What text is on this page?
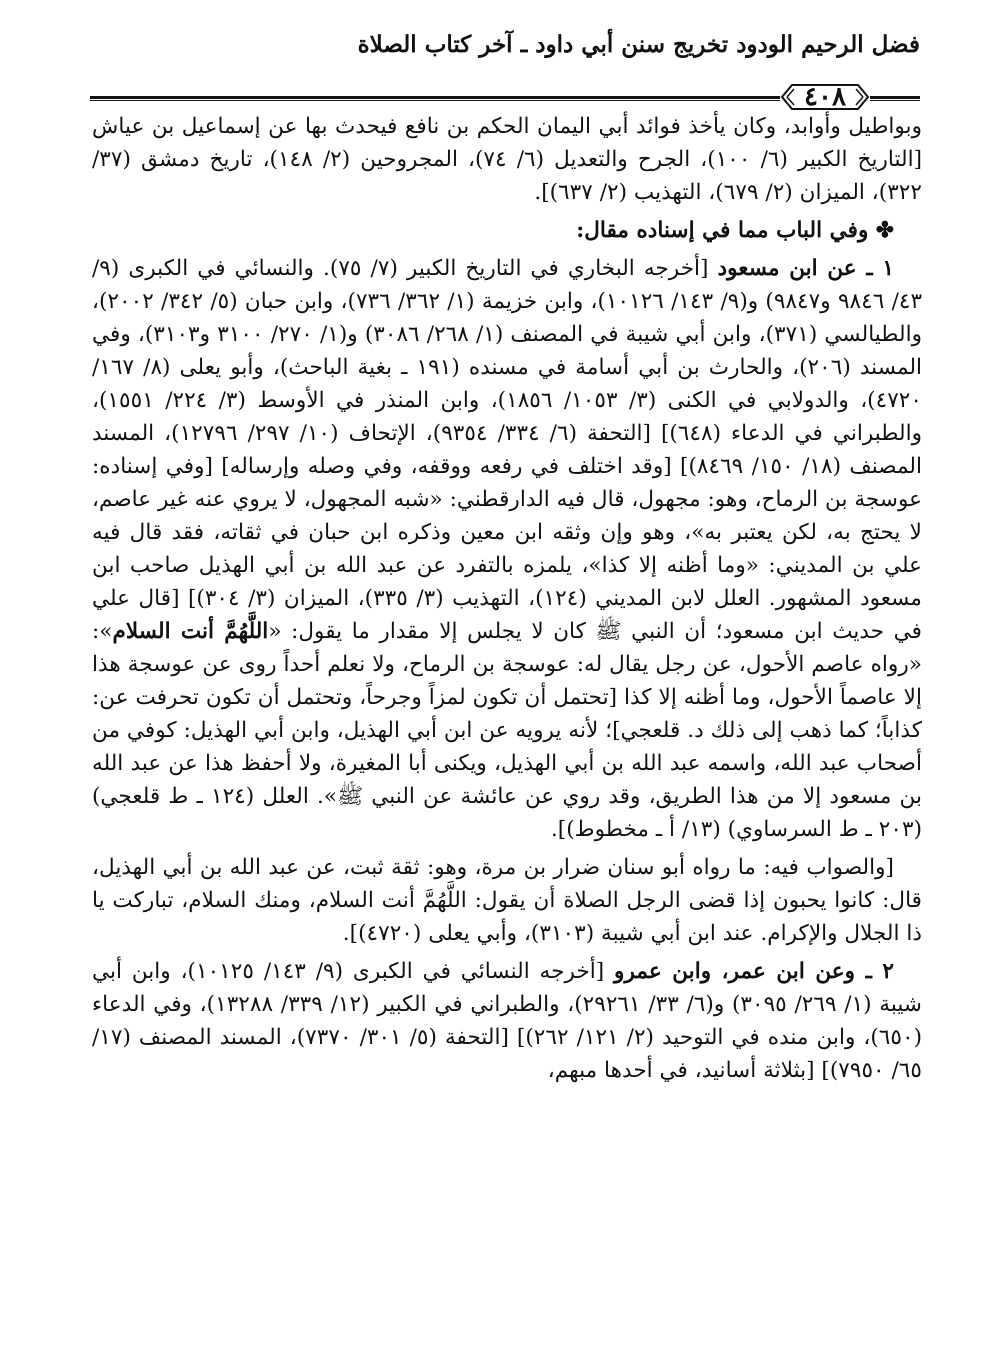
فضل الرحيم الودود تخريج سنن أبي داود ـ آخر كتاب الصلاة
٤٠٨

وبواطيل وأوابد، وكان يأخذ فوائد أبي اليمان الحكم بن نافع فيحدث بها عن إسماعيل بن عياش [التاريخ الكبير (٦/ ١٠٠)، الجرح والتعديل (٦/ ٧٤)، المجروحين (٢/ ١٤٨)، تاريخ دمشق (٣٧/ ٣٢٢)، الميزان (٢/ ٦٧٩)، التهذيب (٢/ ٦٣٧)].

✤ وفي الباب مما في إسناده مقال:

١ ـ عن ابن مسعود [أخرجه البخاري في التاريخ الكبير (٧/ ٧٥). والنسائي في الكبرى (٩/ ٤٣/ ٩٨٤٦ و٩٨٤٧) و(٩/ ١٤٣/ ١٠١٢٦)، وابن خزيمة (١/ ٣٦٢/ ٧٣٦)، وابن حبان (٥/ ٣٤٢/ ٢٠٠٢)، والطيالسي (٣٧١)، وابن أبي شيبة في المصنف (١/ ٢٦٨/ ٣٠٨٦) و(١/ ٢٧٠/ ٣١٠٠ و٣١٠٣)، وفي المسند (٢٠٦)، والحارث بن أبي أسامة في مسنده (١٩١ ـ بغية الباحث)، وأبو يعلى (٨/ ١٦٧/ ٤٧٢٠)، والدولابي في الكنى (٣/ ١٠٥٣/ ١٨٥٦)، وابن المنذر في الأوسط (٣/ ٢٢٤/ ١٥٥١)، والطبراني في الدعاء (٦٤٨)] [التحفة (٦/ ٣٣٤/ ٩٣٥٤)، الإتحاف (١٠/ ٢٩٧/ ١٢٧٩٦)، المسند المصنف (١٨/ ١٥٠/ ٨٤٦٩)] [وقد اختلف في رفعه ووقفه، وفي وصله وإرساله] [وفي إسناده: عوسجة بن الرماح، وهو: مجهول، قال فيه الدارقطني: «شبه المجهول، لا يروي عنه غير عاصم، لا يحتج به، لكن يعتبر به»، وهو وإن وثقه ابن معين وذكره ابن حبان في ثقاته، فقد قال فيه علي بن المديني: «وما أظنه إلا كذا»، يلمزه بالتفرد عن عبد الله بن أبي الهذيل صاحب ابن مسعود المشهور. العلل لابن المديني (١٢٤)، التهذيب (٣/ ٣٣٥)، الميزان (٣/ ٣٠٤)] [قال علي في حديث ابن مسعود؛ أن النبي ﷺ كان لا يجلس إلا مقدار ما يقول: «اللَّهُمَّ أنت السلام»: «رواه عاصم الأحول، عن رجل يقال له: عوسجة بن الرماح، ولا نعلم أحداً روى عن عوسجة هذا إلا عاصماً الأحول، وما أظنه إلا كذا [تحتمل أن تكون لمزاً وجرحاً، وتحتمل أن تكون تحرفت عن: كذاباً؛ كما ذهب إلى ذلك د. قلعجي]؛ لأنه يرويه عن ابن أبي الهذيل، وابن أبي الهذيل: كوفي من أصحاب عبد الله، واسمه عبد الله بن أبي الهذيل، ويكنى أبا المغيرة، ولا أحفظ هذا عن عبد الله بن مسعود إلا من هذا الطريق، وقد روي عن عائشة عن النبي ﷺ». العلل (١٢٤ ـ ط قلعجي) (٢٠٣ ـ ط السرساوي) (١٣/ أ ـ مخطوط)].

[والصواب فيه: ما رواه أبو سنان ضرار بن مرة، وهو: ثقة ثبت، عن عبد الله بن أبي الهذيل، قال: كانوا يحبون إذا قضى الرجل الصلاة أن يقول: اللَّهُمَّ أنت السلام، ومنك السلام، تباركت يا ذا الجلال والإكرام. عند ابن أبي شيبة (٣١٠٣)، وأبي يعلى (٤٧٢٠)].

٢ ـ وعن ابن عمر، وابن عمرو [أخرجه النسائي في الكبرى (٩/ ١٤٣/ ١٠١٢٥)، وابن أبي شيبة (١/ ٢٦٩/ ٣٠٩٥) و(٦/ ٣٣/ ٢٩٢٦١)، والطبراني في الكبير (١٢/ ٣٣٩/ ١٣٢٨٨)، وفي الدعاء (٦٥٠)، وابن منده في التوحيد (٢/ ١٢١/ ٢٦٢)] [التحفة (٥/ ٣٠١/ ٧٣٧٠)، المسند المصنف (١٧/ ٦٥/ ٧٩٥٠)] [بثلاثة أسانيد، في أحدها مبهم،
